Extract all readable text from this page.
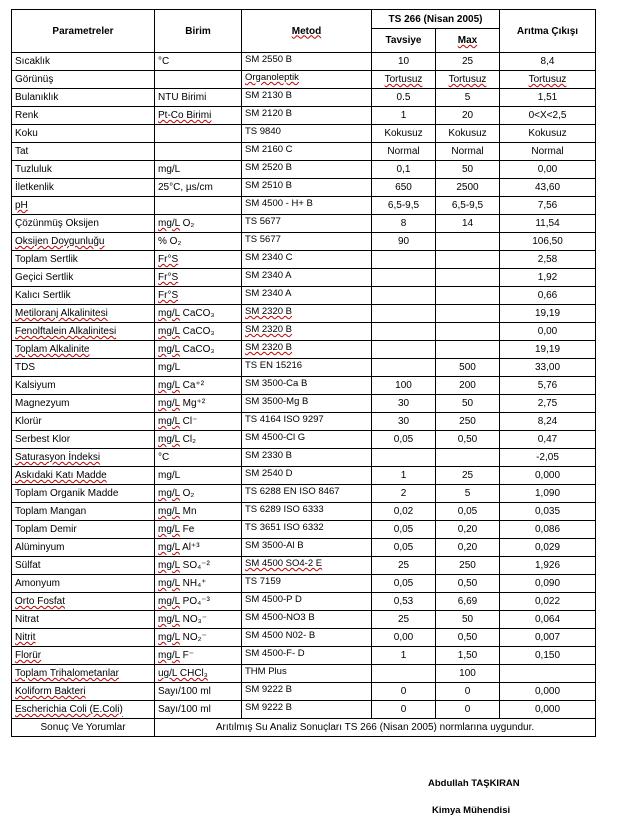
Parametreler	Birim	Metod	TS 266 (Nisan 2005)		Arıtma Çıkışı
			Tavsiye	Max	
Sıcaklık	°C	SM 2550 B	10	25	8,4
Görünüş		Organoleptik	Tortusuz	Tortusuz	Tortusuz
Bulanıklık	NTU Birimi	SM 2130 B	0.5	5	1,51
Renk	Pt-Co Birimi	SM 2120 B	1	20	0<X<2,5
Koku		TS 9840	Kokusuz	Kokusuz	Kokusuz
Tat		SM 2160 C	Normal	Normal	Normal
Tuzluluk	mg/L	SM 2520 B	0,1	50	0,00
İletkenlik	25°C, µs/cm	SM 2510 B	650	2500	43,60
pH		SM 4500 - H+ B	6,5-9,5	6,5-9,5	7,56
Çözünmüş Oksijen	mg/L O₂	TS 5677	8	14	11,54
Oksijen Doygunluğu	% O₂	TS 5677	90		106,50
Toplam Sertlik	Fr°S	SM 2340 C			2,58
Geçici Sertlik	Fr°S	SM 2340 A			1,92
Kalıcı Sertlik	Fr°S	SM 2340 A			0,66
Metiloranj Alkalinitesi	mg/L CaCO₃	SM 2320 B			19,19
Fenolftalein Alkalinitesi	mg/L CaCO₃	SM 2320 B			0,00
Toplam Alkalinite	mg/L CaCO₃	SM 2320 B			19,19
TDS	mg/L	TS EN 15216		500	33,00
Kalsiyum	mg/L Ca⁺²	SM 3500-Ca B	100	200	5,76
Magnezyum	mg/L Mg⁺²	SM 3500-Mg B	30	50	2,75
Klorür	mg/L Cl⁻	TS 4164 ISO 9297	30	250	8,24
Serbest Klor	mg/L Cl₂	SM 4500-Cl G	0,05	0,50	0,47
Saturasyon İndeksi	°C	SM 2330 B			-2,05
Askıdaki Katı Madde	mg/L	SM 2540 D	1	25	0,000
Toplam Organik Madde	mg/L O₂	TS 6288 EN ISO 8467	2	5	1,090
Toplam Mangan	mg/L Mn	TS 6289 ISO 6333	0,02	0,05	0,035
Toplam Demir	mg/L Fe	TS 3651 ISO 6332	0,05	0,20	0,086
Alüminyum	mg/L Al⁺³	SM 3500-Al B	0,05	0,20	0,029
Sülfat	mg/L SO₄⁻²	SM 4500 SO4-2 E	25	250	1,926
Amonyum	mg/L NH₄⁺	TS 7159	0,05	0,50	0,090
Orto Fosfat	mg/L PO₄⁻³	SM 4500-P D	0,53	6,69	0,022
Nitrat	mg/L NO₃⁻	SM 4500-NO3 B	25	50	0,064
Nitrit	mg/L NO₂⁻	SM 4500 N02- B	0,00	0,50	0,007
Florür	mg/L F⁻	SM 4500-F- D	1	1,50	0,150
Toplam Trihalometanlar	ug/L CHCl₃	THM Plus		100	
Koliform Bakteri	Sayı/100 ml	SM 9222 B	0	0	0,000
Escherichia Coli (E.Coli)	Sayı/100 ml	SM 9222 B	0	0	0,000
Sonuç Ve Yorumlar	Arıtılmış Su Analiz Sonuçları TS 266 (Nisan 2005) normlarına uygundur.				
Abdullah TAŞKIRAN
Kimya Mühendisi
